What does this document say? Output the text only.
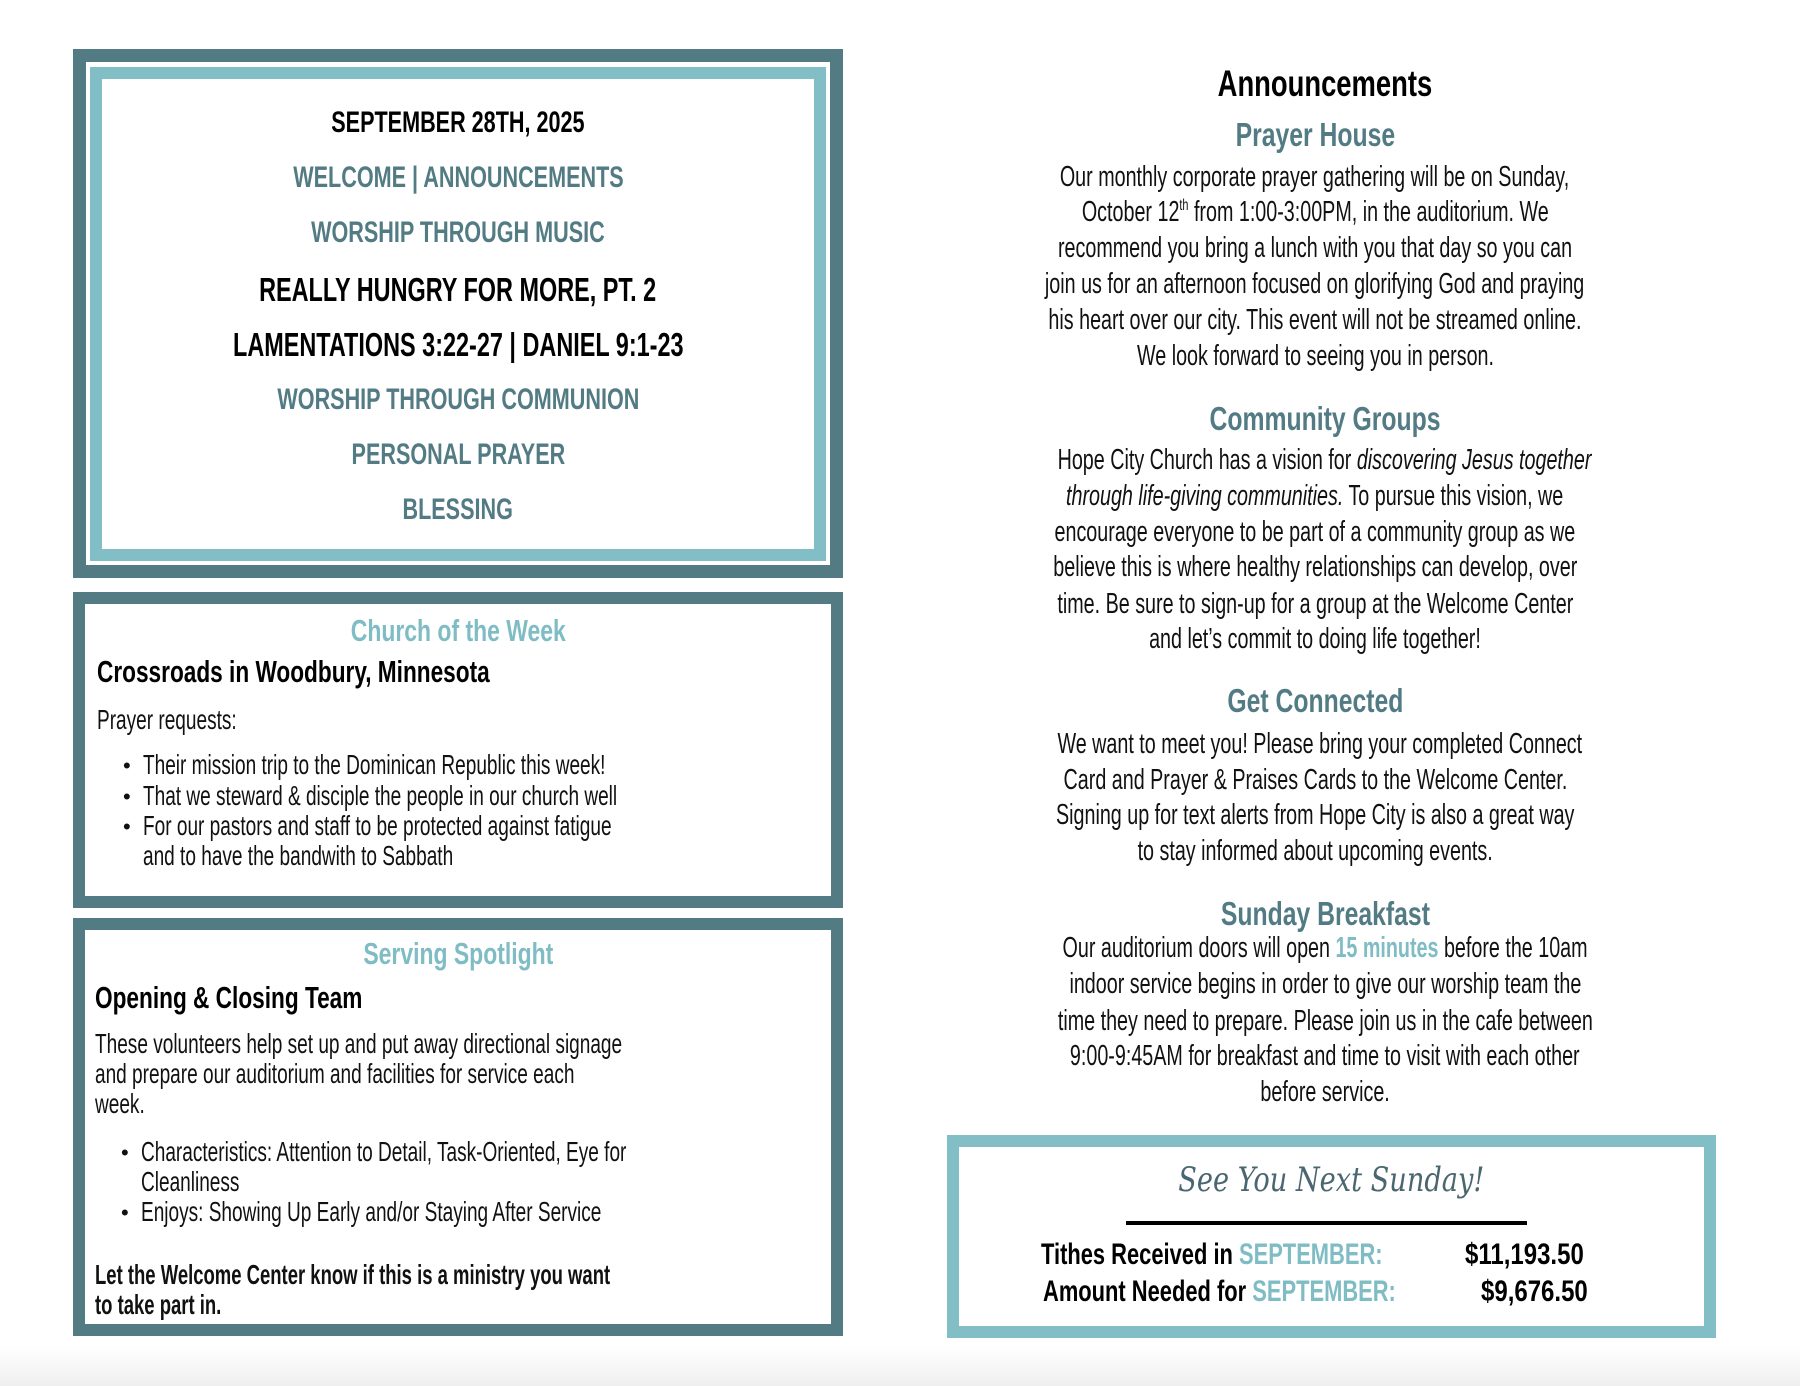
SEPTEMBER 28TH, 2025
WELCOME | ANNOUNCEMENTS
WORSHIP THROUGH MUSIC
REALLY HUNGRY FOR MORE, PT. 2
LAMENTATIONS 3:22-27 | DANIEL 9:1-23
WORSHIP THROUGH COMMUNION
PERSONAL PRAYER
BLESSING
Church of the Week
Crossroads in Woodbury, Minnesota
Prayer requests:
• Their mission trip to the Dominican Republic this week!
• That we steward & disciple the people in our church well
• For our pastors and staff to be protected against fatigue
and to have the bandwith to Sabbath
Serving Spotlight
Opening & Closing Team
These volunteers help set up and put away directional signage
and prepare our auditorium and facilities for service each
week.
• Characteristics: Attention to Detail, Task-Oriented, Eye for
Cleanliness
• Enjoys: Showing Up Early and/or Staying After Service
Let the Welcome Center know if this is a ministry you want
to take part in.
Announcements
Prayer House
Our monthly corporate prayer gathering will be on Sunday,
October 12th from 1:00-3:00PM, in the auditorium. We
recommend you bring a lunch with you that day so you can
join us for an afternoon focused on glorifying God and praying
his heart over our city. This event will not be streamed online.
We look forward to seeing you in person.
Community Groups
Hope City Church has a vision for discovering Jesus together
through life-giving communities. To pursue this vision, we
encourage everyone to be part of a community group as we
believe this is where healthy relationships can develop, over
time. Be sure to sign-up for a group at the Welcome Center
and let’s commit to doing life together!
Get Connected
We want to meet you! Please bring your completed Connect
Card and Prayer & Praises Cards to the Welcome Center.
Signing up for text alerts from Hope City is also a great way
to stay informed about upcoming events.
Sunday Breakfast
Our auditorium doors will open 15 minutes before the 10am
indoor service begins in order to give our worship team the
time they need to prepare. Please join us in the cafe between
9:00-9:45AM for breakfast and time to visit with each other
before service.
See You Next Sunday!
Tithes Received in SEPTEMBER:	$11,193.50
Amount Needed for SEPTEMBER:	$9,676.50
